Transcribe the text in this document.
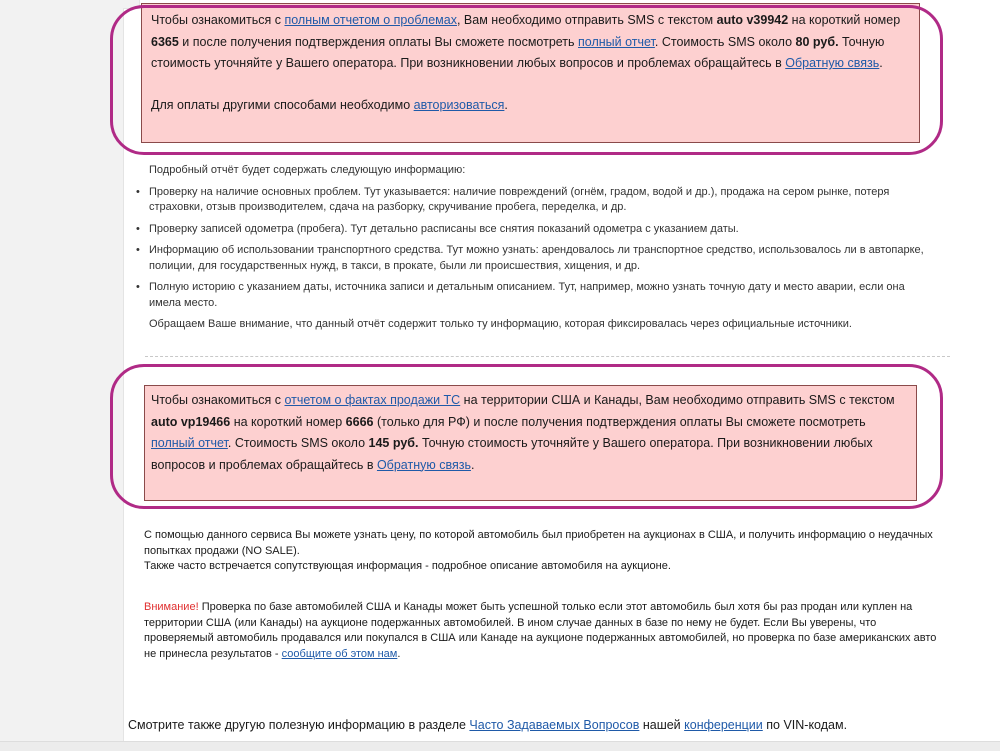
Чтобы ознакомиться с полным отчетом о проблемах, Вам необходимо отправить SMS с текстом auto v39942 на короткий номер 6365 и после получения подтверждения оплаты Вы сможете посмотреть полный отчет. Стоимость SMS около 80 руб. Точную стоимость уточняйте у Вашего оператора. При возникновении любых вопросов и проблемах обращайтесь в Обратную связь.
Для оплаты другими способами необходимо авторизоваться.

Подробный отчёт будет содержать следующую информацию:

• Проверку на наличие основных проблем. Тут указывается: наличие повреждений (огнём, градом, водой и др.), продажа на сером рынке, потеря страховки, отзыв производителем, сдача на разборку, скручивание пробега, переделка, и др.
• Проверку записей одометра (пробега). Тут детально расписаны все снятия показаний одометра с указанием даты.
• Информацию об использовании транспортного средства. Тут можно узнать: арендовалось ли транспортное средство, использовалось ли в автопарке, полиции, для государственных нужд, в такси, в прокате, были ли происшествия, хищения, и др.
• Полную историю с указанием даты, источника записи и детальным описанием. Тут, например, можно узнать точную дату и место аварии, если она имела место.

Обращаем Ваше внимание, что данный отчёт содержит только ту информацию, которая фиксировалась через официальные источники.

Чтобы ознакомиться с отчетом о фактах продажи ТС на территории США и Канады, Вам необходимо отправить SMS с текстом auto vp19466 на короткий номер 6666 (только для РФ) и после получения подтверждения оплаты Вы сможете посмотреть полный отчет. Стоимость SMS около 145 руб. Точную стоимость уточняйте у Вашего оператора. При возникновении любых вопросов и проблемах обращайтесь в Обратную связь.

С помощью данного сервиса Вы можете узнать цену, по которой автомобиль был приобретен на аукционах в США, и получить информацию о неудачных попытках продажи (NO SALE).

Также часто встречается сопутствующая информация - подробное описание автомобиля на аукционе.

Внимание! Проверка по базе автомобилей США и Канады может быть успешной только если этот автомобиль был хотя бы раз продан или куплен на территории США (или Канады) на аукционе подержанных автомобилей. В ином случае данных в базе по нему не будет. Если Вы уверены, что проверяемый автомобиль продавался или покупался в США или Канаде на аукционе подержанных автомобилей, но проверка по базе американских авто не принесла результатов - сообщите об этом нам.
Смотрите также другую полезную информацию в разделе Часто Задаваемых Вопросов нашей конференции по VIN-кодам.
